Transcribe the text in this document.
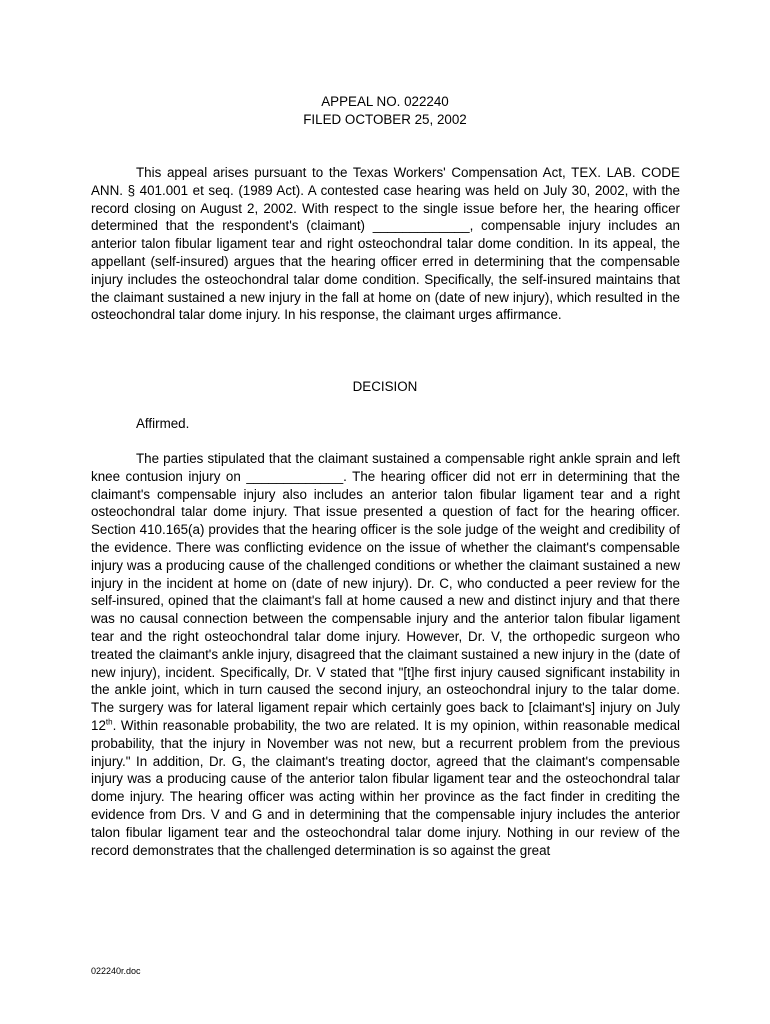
APPEAL NO. 022240
FILED OCTOBER 25, 2002

This appeal arises pursuant to the Texas Workers' Compensation Act, TEX. LAB. CODE ANN. § 401.001 et seq. (1989 Act). A contested case hearing was held on July 30, 2002, with the record closing on August 2, 2002. With respect to the single issue before her, the hearing officer determined that the respondent's (claimant) _____________, compensable injury includes an anterior talon fibular ligament tear and right osteochondral talar dome condition. In its appeal, the appellant (self-insured) argues that the hearing officer erred in determining that the compensable injury includes the osteochondral talar dome condition. Specifically, the self-insured maintains that the claimant sustained a new injury in the fall at home on (date of new injury), which resulted in the osteochondral talar dome injury. In his response, the claimant urges affirmance.

DECISION
Affirmed.

The parties stipulated that the claimant sustained a compensable right ankle sprain and left knee contusion injury on _____________. The hearing officer did not err in determining that the claimant's compensable injury also includes an anterior talon fibular ligament tear and a right osteochondral talar dome injury. That issue presented a question of fact for the hearing officer. Section 410.165(a) provides that the hearing officer is the sole judge of the weight and credibility of the evidence. There was conflicting evidence on the issue of whether the claimant's compensable injury was a producing cause of the challenged conditions or whether the claimant sustained a new injury in the incident at home on (date of new injury). Dr. C, who conducted a peer review for the self-insured, opined that the claimant's fall at home caused a new and distinct injury and that there was no causal connection between the compensable injury and the anterior talon fibular ligament tear and the right osteochondral talar dome injury. However, Dr. V, the orthopedic surgeon who treated the claimant's ankle injury, disagreed that the claimant sustained a new injury in the (date of new injury), incident. Specifically, Dr. V stated that "[t]he first injury caused significant instability in the ankle joint, which in turn caused the second injury, an osteochondral injury to the talar dome. The surgery was for lateral ligament repair which certainly goes back to [claimant's] injury on July 12th. Within reasonable probability, the two are related. It is my opinion, within reasonable medical probability, that the injury in November was not new, but a recurrent problem from the previous injury." In addition, Dr. G, the claimant's treating doctor, agreed that the claimant's compensable injury was a producing cause of the anterior talon fibular ligament tear and the osteochondral talar dome injury. The hearing officer was acting within her province as the fact finder in crediting the evidence from Drs. V and G and in determining that the compensable injury includes the anterior talon fibular ligament tear and the osteochondral talar dome injury. Nothing in our review of the record demonstrates that the challenged determination is so against the great

022240r.doc
